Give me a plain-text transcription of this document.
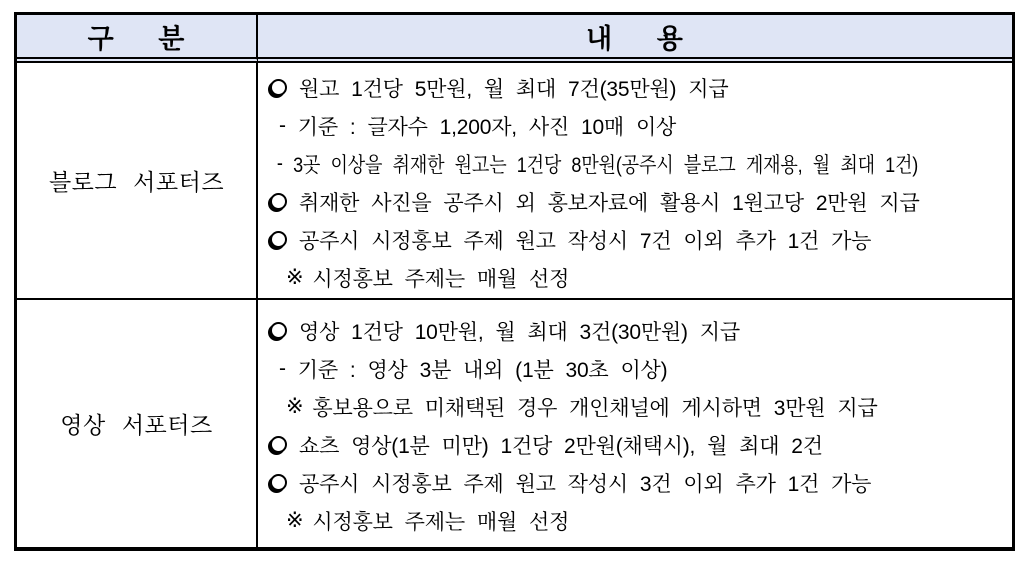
구 분	내 용
블로그 서포터즈
원고 1건당 5만원, 월 최대 7건(35만원) 지급
- 기준 : 글자수 1,200자, 사진 10매 이상
- 3곳 이상을 취재한 원고는 1건당 8만원(공주시 블로그 게재용, 월 최대 1건)
취재한 사진을 공주시 외 홍보자료에 활용시 1원고당 2만원 지급
공주시 시정홍보 주제 원고 작성시 7건 이외 추가 1건 가능
※ 시정홍보 주제는 매월 선정
영상 서포터즈
영상 1건당 10만원, 월 최대 3건(30만원) 지급
- 기준 : 영상 3분 내외 (1분 30초 이상)
※ 홍보용으로 미채택된 경우 개인채널에 게시하면 3만원 지급
쇼츠 영상(1분 미만) 1건당 2만원(채택시), 월 최대 2건
공주시 시정홍보 주제 원고 작성시 3건 이외 추가 1건 가능
※ 시정홍보 주제는 매월 선정
